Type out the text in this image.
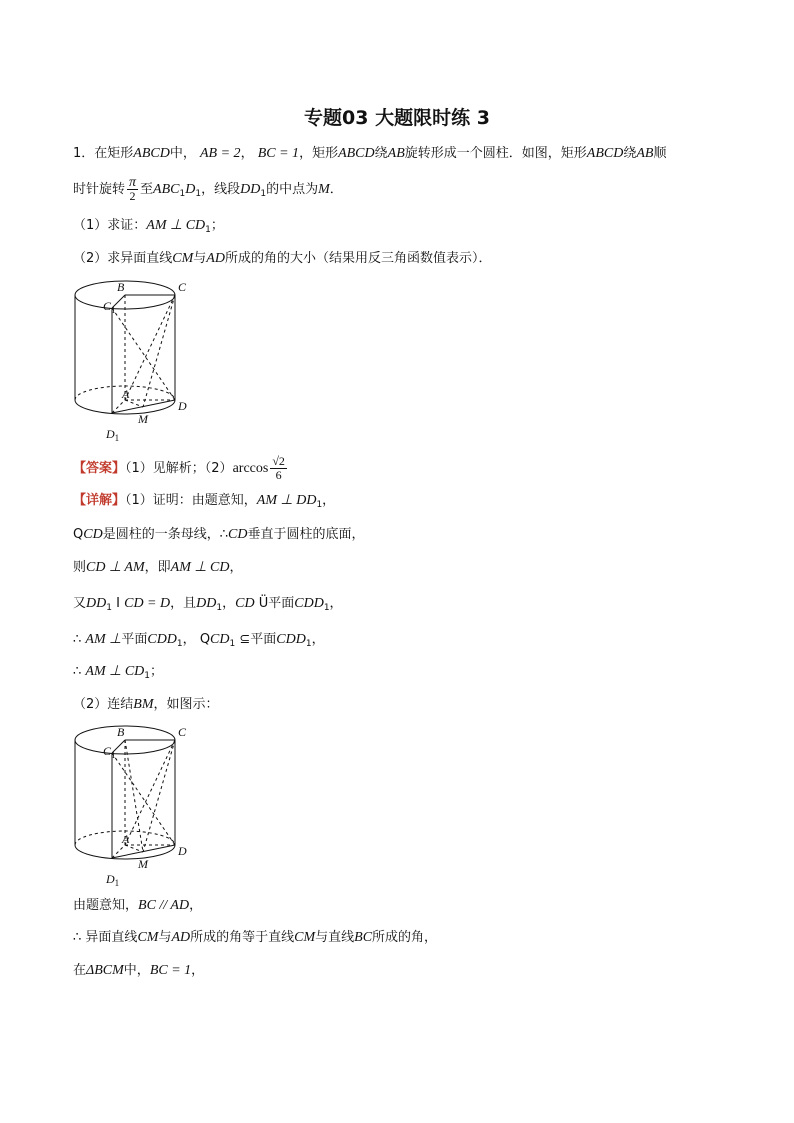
专题03 大题限时练 3
1．在矩形ABCD中， AB = 2， BC = 1，矩形ABCD绕AB旋转形成一个圆柱．如图，矩形ABCD绕AB顺
时针旋转 $\frac{\pi}{2}$ 至$ABC_1D_1$，线段$DD_1$的中点为M．
（1）求证：AM ⊥ $CD_1$；
（2）求异面直线CM与AD所成的角的大小（结果用反三角函数值表示）．
B
$C_1$
C
D
M
A
$D_1$
【答案】（1）见解析；$(2)\arccos \frac{√2}{6}$
【详解】（1）证明：由题意知，AM ⊥ $DD_1$，
QCD是圆柱的一条母线，∴CD垂直于圆柱的底面，
则CD ⊥ AM，即AM ⊥ CD，
又$DD_1$ I CD = D，且$DD_1$，CD Ü平面$CDD_1$，
∴ AM ⊥平面$CDD_1$， $QCD_1$ ⊆平面$CDD_1$，
∴ AM ⊥ $CD_1$；
（2）连结BM，如图示：
B
$C_1$
C
D
M
A
$D_1$
由题意知，BC // AD，
∴ 异面直线CM与AD所成的角等于直线CM与直线BC所成的角，
在ΔBCM中，BC = 1，
